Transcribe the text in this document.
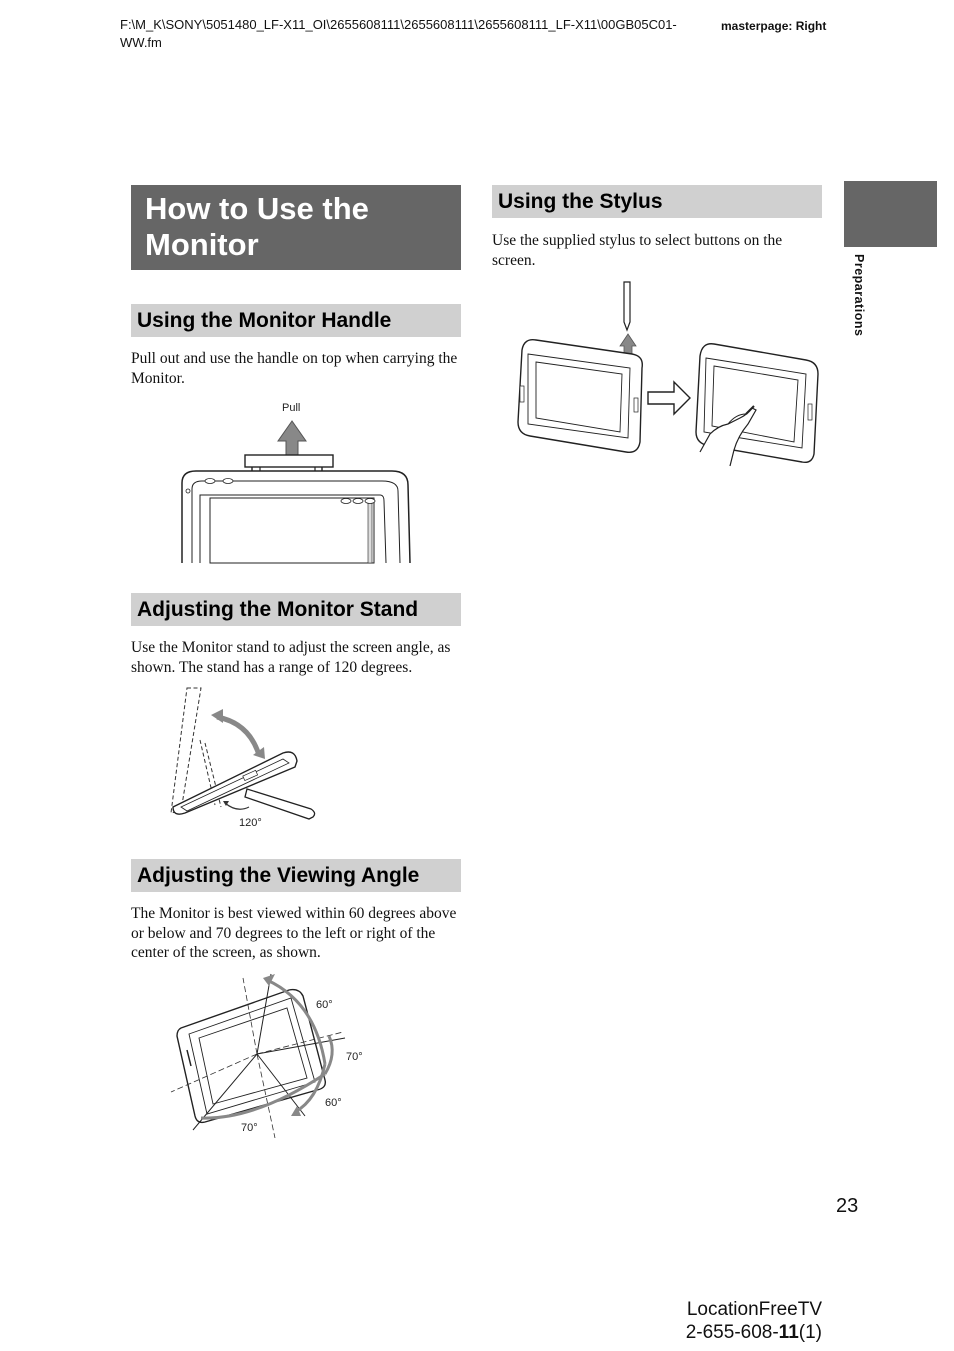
F:\M_K\SONY\5051480_LF-X11_OI\2655608111\2655608111\2655608111_LF-X11\00GB05C01-WW.fm
masterpage: Right
Preparations
How to Use the Monitor
Using the Monitor Handle
Pull out and use the handle on top when carrying the Monitor.
Pull
Adjusting the Monitor Stand
Use the Monitor stand to adjust the screen angle, as shown. The stand has a range of 120 degrees.
120°
Adjusting the Viewing Angle
The Monitor is best viewed within 60 degrees above or below and 70 degrees to the left or right of the center of the screen, as shown.
60°
70°
60°
70°
Using the Stylus
Use the supplied stylus to select buttons on the screen.
23
LocationFreeTV
2-655-608-11(1)
